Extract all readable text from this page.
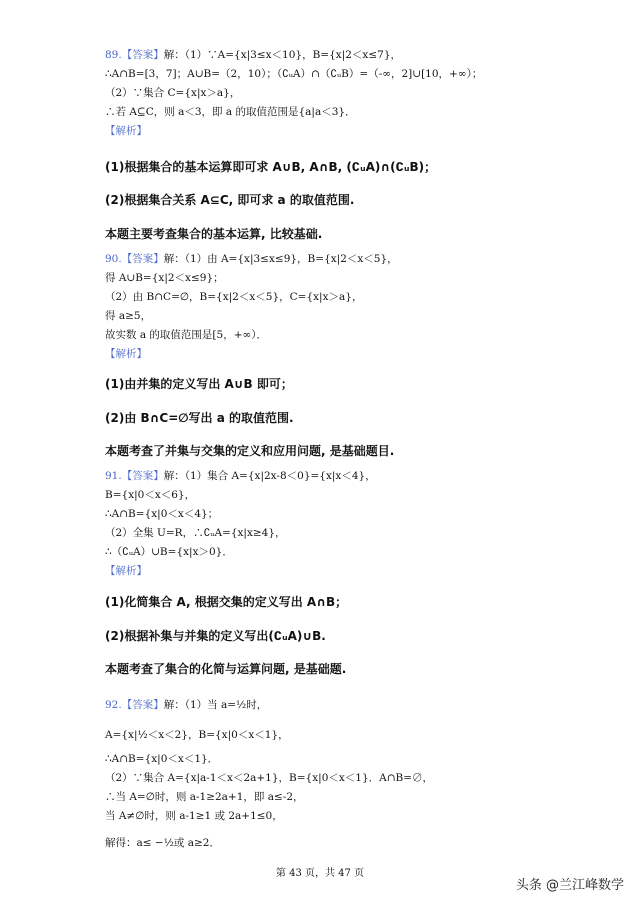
89.【答案】解：（1）∵A={x|3≤x＜10}，B={x|2＜x≤7}，
∴A∩B=[3，7]；A∪B=（2，10）；（∁ᵤA）∩（∁ᵤB）=（-∞，2]∪[10，+∞）；
（2）∵集合 C={x|x＞a}，
∴若 A⊆C，则 a＜3，即 a 的取值范围是{a|a＜3}．
【解析】
(1)根据集合的基本运算即可求 A∪B, A∩B, (∁ᵤA)∩(∁ᵤB)；
(2)根据集合关系 A⊆C, 即可求 a 的取值范围.
本题主要考查集合的基本运算, 比较基础.
90.【答案】解：（1）由 A={x|3≤x≤9}，B={x|2＜x＜5}，
得 A∪B={x|2＜x≤9}；
（2）由 B∩C=∅，B={x|2＜x＜5}，C={x|x＞a}，
得 a≥5，
故实数 a 的取值范围是[5，+∞）．
【解析】
(1)由并集的定义写出 A∪B 即可；
(2)由 B∩C=∅写出 a 的取值范围.
本题考查了并集与交集的定义和应用问题, 是基础题目.
91.【答案】解：（1）集合 A={x|2x-8＜0}={x|x＜4}，
B={x|0＜x＜6}，
∴A∩B={x|0＜x＜4}；
（2）全集 U=R，∴∁ᵤA={x|x≥4}，
∴（∁ᵤA）∪B={x|x＞0}．
【解析】
(1)化简集合 A, 根据交集的定义写出 A∩B；
(2)根据补集与并集的定义写出(∁ᵤA)∪B.
本题考查了集合的化简与运算问题, 是基础题.
92.【答案】解：（1）当 a=½时，
A={x|½＜x＜2}，B={x|0＜x＜1}，
∴A∩B={x|0＜x＜1}．
（2）∵集合 A={x|a-1＜x＜2a+1}，B={x|0＜x＜1}．A∩B=∅，
∴当 A=∅时，则 a-1≥2a+1，即 a≤-2，
当 A≠∅时，则 a-1≥1 或 2a+1≤0，
解得：a≤ −½或 a≥2．
第 43 页，共 47 页
头条 @兰江峰数学
